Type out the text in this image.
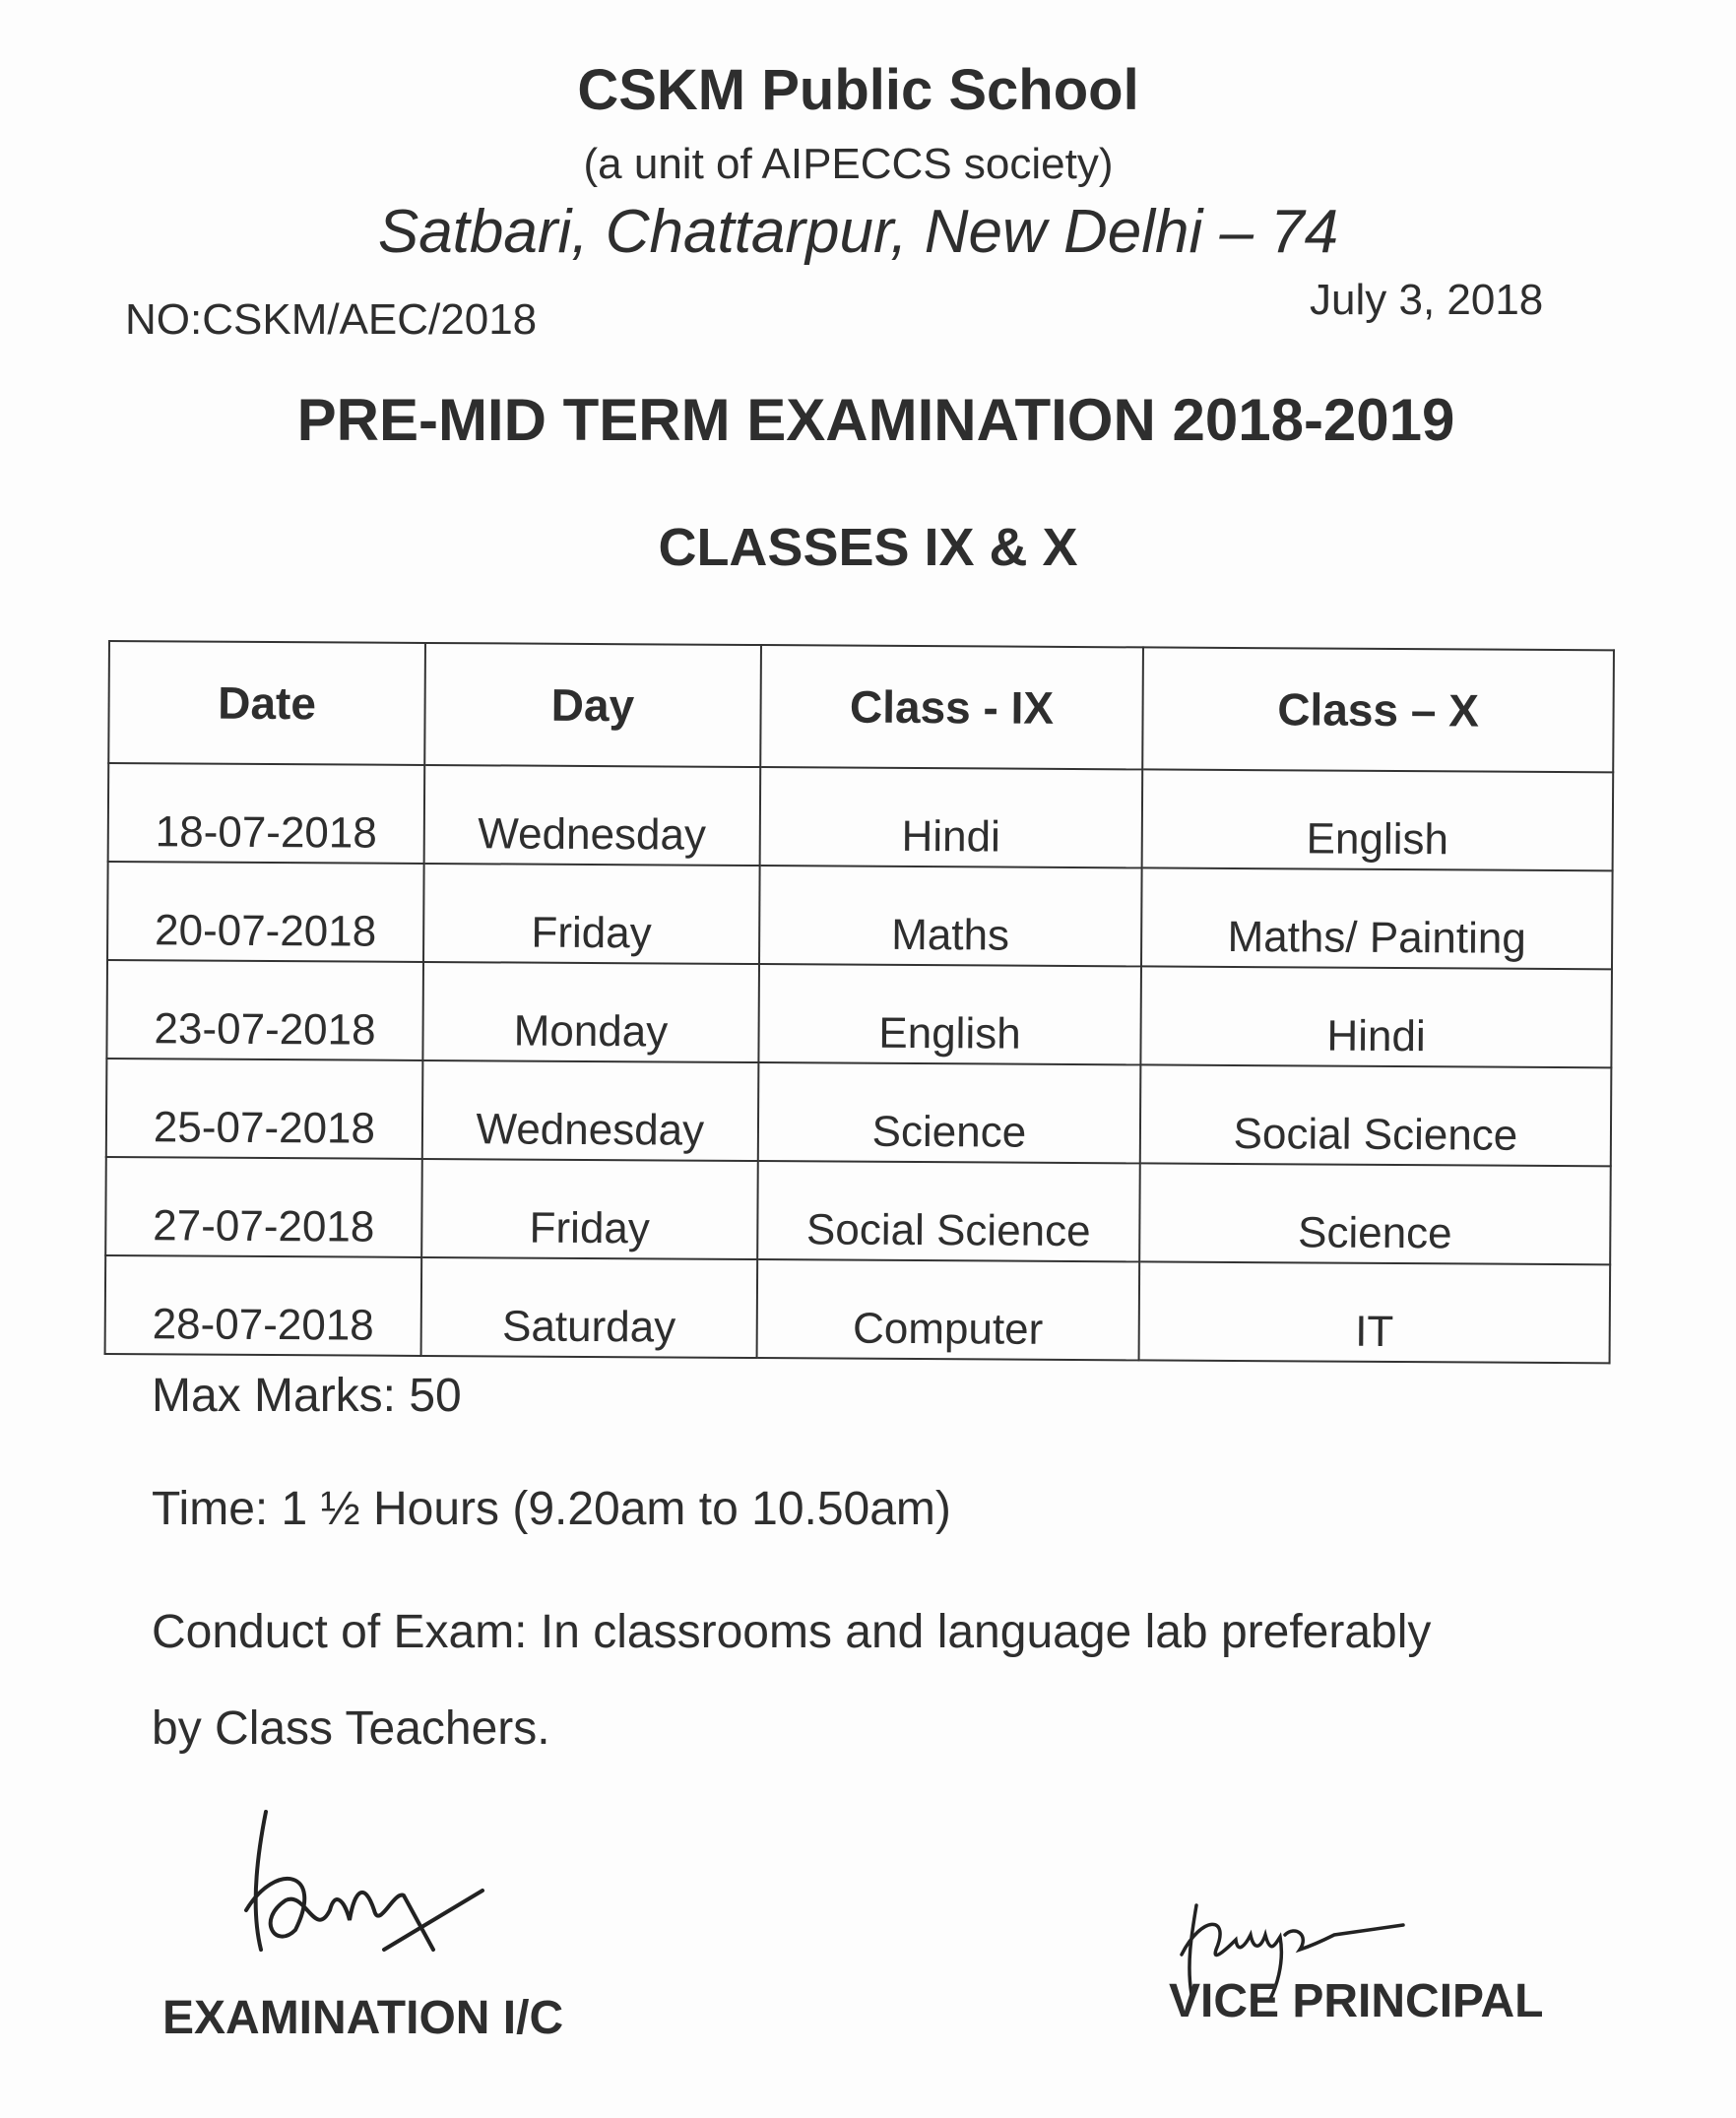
CSKM Public School
(a unit of AIPECCS society)
Satbari, Chattarpur, New Delhi – 74
NO:CSKM/AEC/2018	July 3, 2018
PRE-MID TERM EXAMINATION 2018-2019
CLASSES IX & X
Date	Day	Class - IX	Class – X
18-07-2018	Wednesday	Hindi	English
20-07-2018	Friday	Maths	Maths/ Painting
23-07-2018	Monday	English	Hindi
25-07-2018	Wednesday	Science	Social Science
27-07-2018	Friday	Social Science	Science
28-07-2018	Saturday	Computer	IT
Max Marks: 50
Time: 1 ½ Hours (9.20am to 10.50am)
Conduct of Exam: In classrooms and language lab preferably
by Class Teachers.
EXAMINATION I/C	VICE PRINCIPAL
